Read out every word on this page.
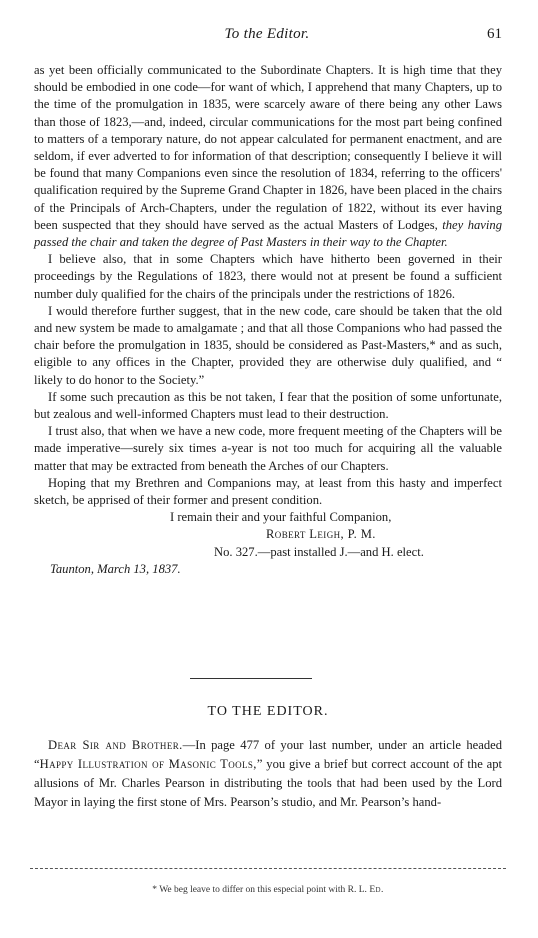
To the Editor.	61

as yet been officially communicated to the Subordinate Chapters. It is high time that they should be embodied in one code—for want of which, I apprehend that many Chapters, up to the time of the promulgation in 1835, were scarcely aware of there being any other Laws than those of 1823,—and, indeed, circular communications for the most part being confined to matters of a temporary nature, do not appear calculated for permanent enactment, and are seldom, if ever adverted to for information of that description; consequently I believe it will be found that many Companions even since the resolution of 1834, referring to the officers' qualification required by the Supreme Grand Chapter in 1826, have been placed in the chairs of the Principals of Arch-Chapters, under the regulation of 1822, without its ever having been suspected that they should have served as the actual Masters of Lodges, they having passed the chair and taken the degree of Past Masters in their way to the Chapter.

I believe also, that in some Chapters which have hitherto been governed in their proceedings by the Regulations of 1823, there would not at present be found a sufficient number duly qualified for the chairs of the principals under the restrictions of 1826.

I would therefore further suggest, that in the new code, care should be taken that the old and new system be made to amalgamate ; and that all those Companions who had passed the chair before the promulgation in 1835, should be considered as Past-Masters,* and as such, eligible to any offices in the Chapter, provided they are otherwise duly qualified, and “ likely to do honor to the Society.”

If some such precaution as this be not taken, I fear that the position of some unfortunate, but zealous and well-informed Chapters must lead to their destruction.

I trust also, that when we have a new code, more frequent meeting of the Chapters will be made imperative—surely six times a-year is not too much for acquiring all the valuable matter that may be extracted from beneath the Arches of our Chapters.

Hoping that my Brethren and Companions may, at least from this hasty and imperfect sketch, be apprised of their former and present condition.

I remain their and your faithful Companion,
Robert Leigh, P. M.
No. 327.—past installed J.—and H. elect.
Taunton, March 13, 1837.
TO THE EDITOR.

Dear Sir and Brother.—In page 477 of your last number, under an article headed “Happy Illustration of Masonic Tools,” you give a brief but correct account of the apt allusions of Mr. Charles Pearson in distributing the tools that had been used by the Lord Mayor in laying the first stone of Mrs. Pearson’s studio, and Mr. Pearson’s hand-

* We beg leave to differ on this especial point with R. L. Ed.
